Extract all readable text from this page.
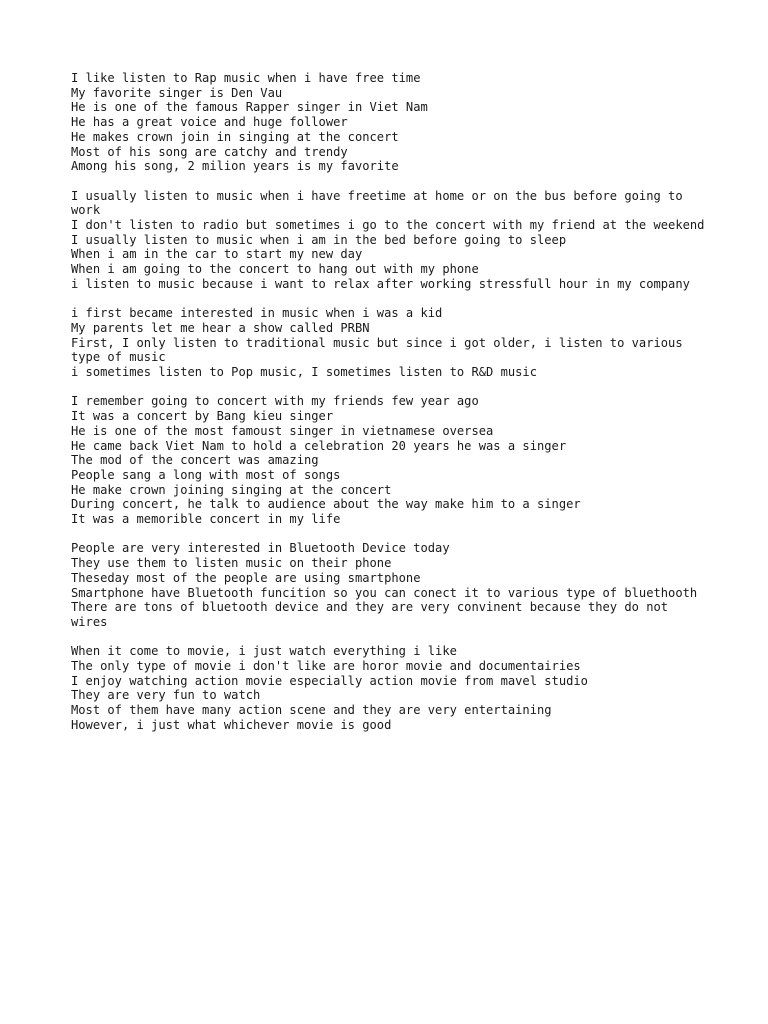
I like listen to Rap music when i have free time
My favorite singer is Den Vau
He is one of the famous Rapper singer in Viet Nam
He has a great voice and huge follower
He makes crown join in singing at the concert
Most of his song are catchy and trendy
Among his song, 2 milion years is my favorite
I usually listen to music when i have freetime at home or on the bus before going to work
I don't listen to radio but sometimes i go to the concert with my friend at the weekend
I usually listen to music when i am in the bed before going to sleep
When i am in the car to start my new day
When i am going to the concert to hang out with my phone
i listen to music because i want to relax after working stressfull hour in my company
i first became interested in music when i was a kid
My parents let me hear a show called PRBN
First, I only listen to traditional music but since i got older, i listen to various type of music
i sometimes listen to Pop music, I sometimes listen to R&D music
I remember going to concert with my friends few year ago
It was a concert by Bang kieu singer
He is one of the most famoust singer in vietnamese oversea
He came back Viet Nam to hold a celebration 20 years he was a singer
The mod of the concert was amazing
People sang a long with most of songs
He make crown joining singing at the concert
During concert, he talk to audience about the way make him to a singer
It was a memorible concert in my life
People are very interested in Bluetooth Device today
They use them to listen music on their phone
Theseday most of the people are using smartphone
Smartphone have Bluetooth funcition so you can conect it to various type of bluethooth
There are tons of bluetooth device and they are very convinent because they do not wires
When it come to movie, i just watch everything i like
The only type of movie i don't like are horor movie and documentairies
I enjoy watching action movie especially action movie from mavel studio
They are very fun to watch
Most of them have many action scene and they are very entertaining
However, i just what whichever movie is good
